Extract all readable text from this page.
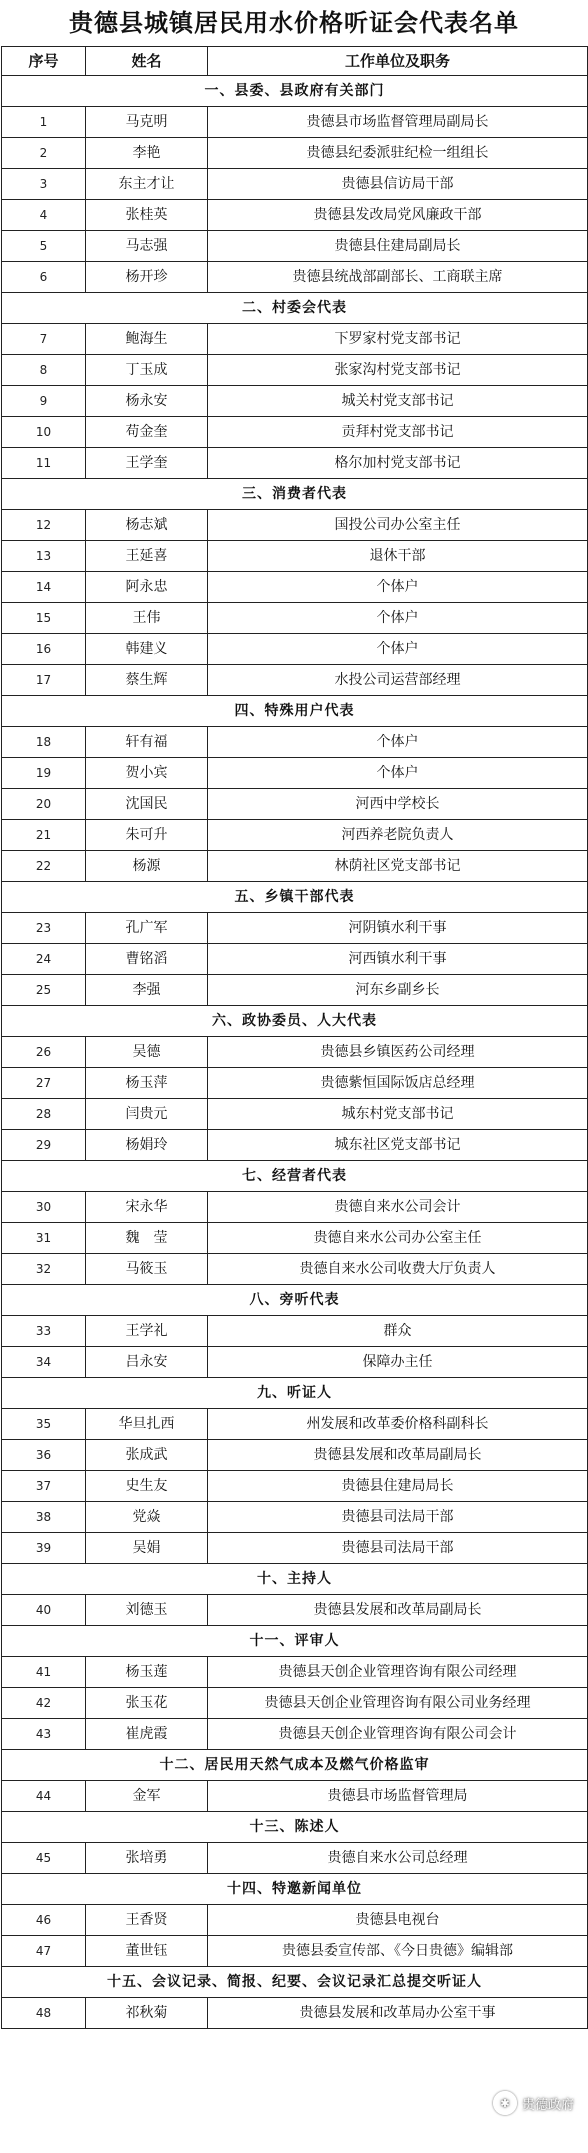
贵德县城镇居民用水价格听证会代表名单
序号	姓名	工作单位及职务
一、县委、县政府有关部门		
1	马克明	贵德县市场监督管理局副局长
2	李艳	贵德县纪委派驻纪检一组组长
3	东主才让	贵德县信访局干部
4	张桂英	贵德县发改局党风廉政干部
5	马志强	贵德县住建局副局长
6	杨开珍	贵德县统战部副部长、工商联主席
二、村委会代表		
7	鲍海生	下罗家村党支部书记
8	丁玉成	张家沟村党支部书记
9	杨永安	城关村党支部书记
10	苟金奎	贡拜村党支部书记
11	王学奎	格尔加村党支部书记
三、消费者代表		
12	杨志斌	国投公司办公室主任
13	王延喜	退休干部
14	阿永忠	个体户
15	王伟	个体户
16	韩建义	个体户
17	蔡生辉	水投公司运营部经理
四、特殊用户代表		
18	轩有福	个体户
19	贺小宾	个体户
20	沈国民	河西中学校长
21	朱可升	河西养老院负责人
22	杨源	林荫社区党支部书记
五、乡镇干部代表		
23	孔广军	河阴镇水利干事
24	曹铭滔	河西镇水利干事
25	李强	河东乡副乡长
六、政协委员、人大代表		
26	吴德	贵德县乡镇医药公司经理
27	杨玉萍	贵德紫恒国际饭店总经理
28	闫贵元	城东村党支部书记
29	杨娟玲	城东社区党支部书记
七、经营者代表		
30	宋永华	贵德自来水公司会计
31	魏　莹	贵德自来水公司办公室主任
32	马筱玉	贵德自来水公司收费大厅负责人
八、旁听代表		
33	王学礼	群众
34	吕永安	保障办主任
九、听证人		
35	华旦扎西	州发展和改革委价格科副科长
36	张成武	贵德县发展和改革局副局长
37	史生友	贵德县住建局局长
38	党焱	贵德县司法局干部
39	吴娟	贵德县司法局干部
十、主持人		
40	刘德玉	贵德县发展和改革局副局长
十一、评审人		
41	杨玉莲	贵德县天创企业管理咨询有限公司经理
42	张玉花	贵德县天创企业管理咨询有限公司业务经理
43	崔虎霞	贵德县天创企业管理咨询有限公司会计
十二、居民用天然气成本及燃气价格监审		
44	金军	贵德县市场监督管理局
十三、陈述人		
45	张培勇	贵德自来水公司总经理
十四、特邀新闻单位		
46	王香贤	贵德县电视台
47	董世钰	贵德县委宣传部、《今日贵德》编辑部
十五、会议记录、简报、纪要、会议记录汇总提交听证人		
48	祁秋菊	贵德县发展和改革局办公室干事
✱ 贵德政府
